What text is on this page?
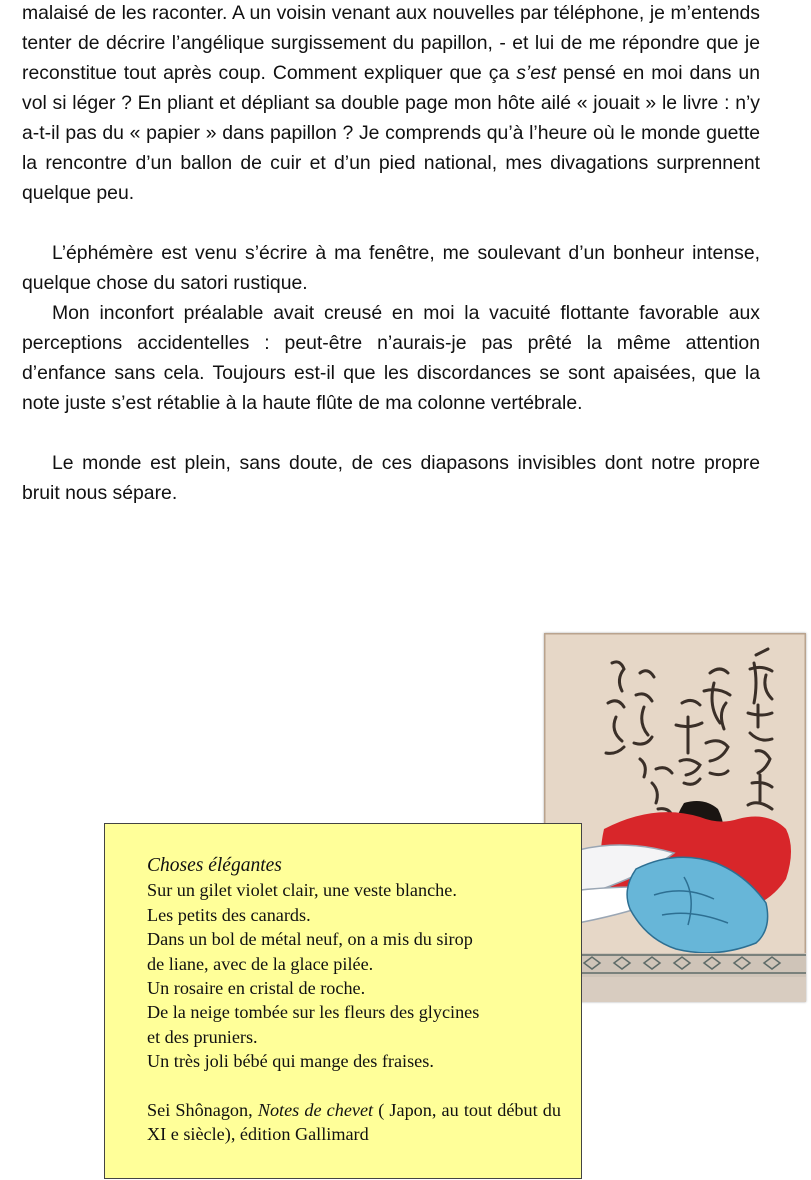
malaisé de les raconter. A un voisin venant aux nouvelles par téléphone, je m’entends tenter de décrire l’angélique surgissement du papillon, - et lui de me répondre que je reconstitue tout après coup. Comment expliquer que ça s’est pensé en moi dans un vol si léger ? En pliant et dépliant sa double page mon hôte ailé « jouait » le livre : n’y a-t-il pas du « papier » dans papillon ? Je comprends qu’à l’heure où le monde guette la rencontre d’un ballon de cuir et d’un pied national, mes divagations surprennent quelque peu.

L’éphémère est venu s’écrire à ma fenêtre, me soulevant d’un bonheur intense, quelque chose du satori rustique.

Mon inconfort préalable avait creusé en moi la vacuité flottante favorable aux perceptions accidentelles : peut-être n’aurais-je pas prêté la même attention d’enfance sans cela. Toujours est-il que les discordances se sont apaisées, que la note juste s’est rétablie à la haute flûte de ma colonne vertébrale.

Le monde est plein, sans doute, de ces diapasons invisibles dont notre propre bruit nous sépare.

Choses élégantes
Sur un gilet violet clair, une veste blanche.
Les petits des canards.
Dans un bol de métal neuf, on a mis du sirop
de liane, avec de la glace pilée.
Un rosaire en cristal de roche.
De la neige tombée sur les fleurs des glycines
et des pruniers.
Un très joli bébé qui mange des fraises.
Sei Shônagon, Notes de chevet ( Japon, au tout début du XI e siècle), édition Gallimard
